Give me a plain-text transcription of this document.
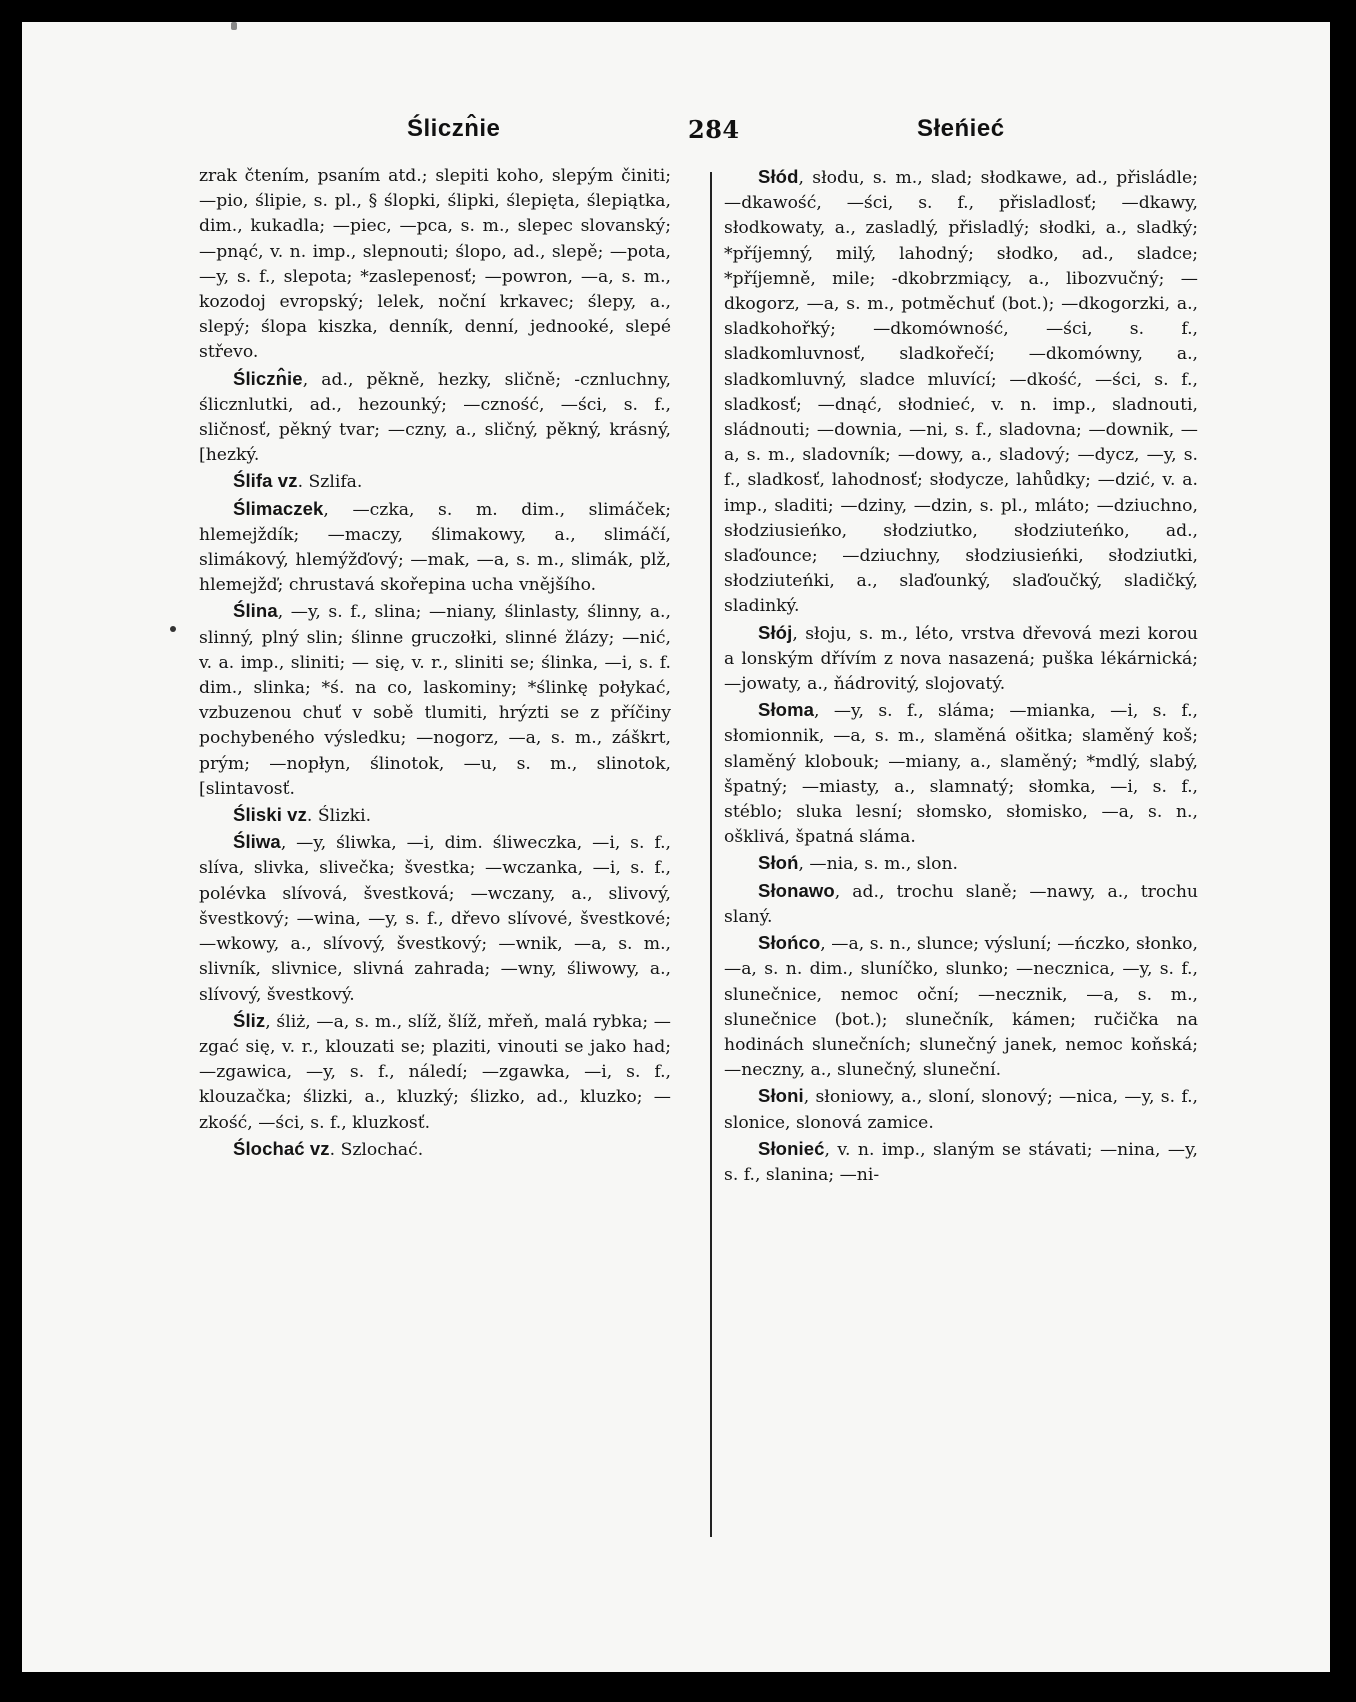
Śliczn̂ie	284	Słeńieć

zrak čtením, psaním atd.; slepiti koho, slepým činiti; —pio, ślipie, s. pl., § ślopki, ślipki, ślepięta, ślepiątka, dim., kukadla; —piec, —pca, s. m., slepec slovanský; —pnąć, v. n. imp., slepnouti; ślopo, ad., slepě; —pota, —y, s. f., slepota; *zaslepenosť; —powron, —a, s. m., kozodoj evropský; lelek, noční krkavec; ślepy, a., slepý; ślopa kiszka, denník, denní, jednooké, slepé střevo.

Śliczn̂ie, ad., pěkně, hezky, sličně; -cznluchny, ślicznlutki, ad., hezounký; —czność, —ści, s. f., sličnosť, pěkný tvar; —czny, a., sličný, pěkný, krásný, [hezký.

Ślifa vz. Szlifa.

Ślimaczek, —czka, s. m. dim., slimáček; hlemejždík; —maczy, ślimakowy, a., slimáčí, slimákový, hlemýžďový; —mak, —a, s. m., slimák, plž, hlemejžď; chrustavá skořepina ucha vnějšího.

Ślina, —y, s. f., slina; —niany, ślinlasty, ślinny, a., slinný, plný slin; ślinne gruczołki, slinné žlázy; —nić, v. a. imp., sliniti; — się, v. r., sliniti se; ślinka, —i, s. f. dim., slinka; *ś. na co, laskominy; *ślinkę połykać, vzbuzenou chuť v sobě tlumiti, hrýzti se z příčiny pochybeného výsledku; —nogorz, —a, s. m., záškrt, prým; —nopłyn, ślinotok, —u, s. m., slinotok, [slintavosť.

Śliski vz. Ślizki.

Śliwa, —y, śliwka, —i, dim. śliweczka, —i, s. f., slíva, slivka, slivečka; švestka; —wczanka, —i, s. f., polévka slívová, švestková; —wczany, a., slivový, švestkový; —wina, —y, s. f., dřevo slívové, švestkové; —wkowy, a., slívový, švestkový; —wnik, —a, s. m., slivník, slivnice, slivná zahrada; —wny, śliwowy, a., slívový, švestkový.

Śliz, śliż, —a, s. m., slíž, šlíž, mřeň, malá rybka; —zgać się, v. r., klouzati se; plaziti, vinouti se jako had; —zgawica, —y, s. f., náledí; —zgawka, —i, s. f., klouzačka; ślizki, a., kluzký; ślizko, ad., kluzko; —zkość, —ści, s. f., kluzkosť.

Ślochać vz. Szlochać.

Słód, słodu, s. m., slad; słodkawe, ad., přisládle; —dkawość, —ści, s. f., přisladlosť; —dkawy, słodkowaty, a., zasladlý, přisladlý; słodki, a., sladký; *příjemný, milý, lahodný; słodko, ad., sladce; *příjemně, mile; -dkobrzmiący, a., libozvučný; —dkogorz, —a, s. m., potměchuť (bot.); —dkogorzki, a., sladkohořký; —dkomówność, —ści, s. f., sladkomluvnosť, sladkořečí; —dkomówny, a., sladkomluvný, sladce mluvící; —dkość, —ści, s. f., sladkosť; —dnąć, słodnieć, v. n. imp., sladnouti, sládnouti; —downia, —ni, s. f., sladovna; —downik, —a, s. m., sladovník; —dowy, a., sladový; —dycz, —y, s. f., sladkosť, lahodnosť; słodycze, lahůdky; —dzić, v. a. imp., sladiti; —dziny, —dzin, s. pl., mláto; —dziuchno, słodziusieńko, słodziutko, słodziuteńko, ad., slaďounce; —dziuchny, słodziusieńki, słodziutki, słodziuteńki, a., slaďounký, slaďoučký, sladičký, sladinký.

Słój, słoju, s. m., léto, vrstva dřevová mezi korou a lonským dřívím z nova nasazená; puška lékárnická; —jowaty, a., ňádrovitý, slojovatý.

Słoma, —y, s. f., sláma; —mianka, —i, s. f., słomionnik, —a, s. m., slaměná ošitka; slaměný koš; slaměný klobouk; —miany, a., slaměný; *mdlý, slabý, špatný; —miasty, a., slamnatý; słomka, —i, s. f., stéblo; sluka lesní; słomsko, słomisko, —a, s. n., ošklivá, špatná sláma.

Słoń, —nia, s. m., slon.

Słonawo, ad., trochu slaně; —nawy, a., trochu slaný.

Słońco, —a, s. n., slunce; výsluní; —ńczko, słonko, —a, s. n. dim., sluníčko, slunko; —necznica, —y, s. f., slunečnice, nemoc oční; —necznik, —a, s. m., slunečnice (bot.); slunečník, kámen; ručička na hodinách slunečních; slunečný janek, nemoc koňská; —neczny, a., slunečný, sluneční.

Słoni, słoniowy, a., sloní, slonový; —nica, —y, s. f., slonice, slonová zamice.

Słonieć, v. n. imp., slaným se stávati; —nina, —y, s. f., slanina; —ni-
